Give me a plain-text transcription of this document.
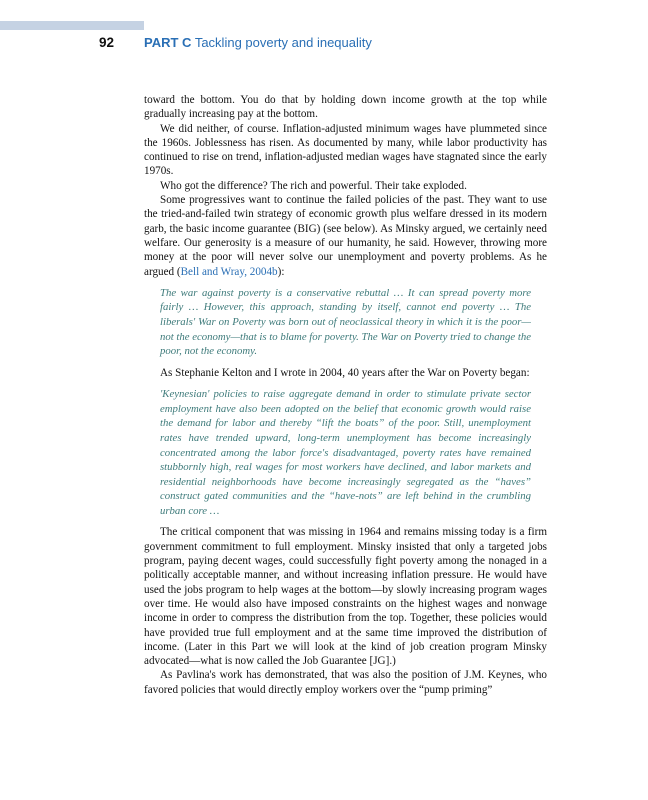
92 PART C Tackling poverty and inequality

toward the bottom. You do that by holding down income growth at the top while gradually increasing pay at the bottom.

We did neither, of course. Inflation-adjusted minimum wages have plummeted since the 1960s. Joblessness has risen. As documented by many, while labor productivity has continued to rise on trend, inflation-adjusted median wages have stagnated since the early 1970s.

Who got the difference? The rich and powerful. Their take exploded.

Some progressives want to continue the failed policies of the past. They want to use the tried-and-failed twin strategy of economic growth plus welfare dressed in its modern garb, the basic income guarantee (BIG) (see below). As Minsky argued, we certainly need welfare. Our generosity is a measure of our humanity, he said. However, throwing more money at the poor will never solve our unemployment and poverty problems. As he argued (Bell and Wray, 2004b):

The war against poverty is a conservative rebuttal … It can spread poverty more fairly … However, this approach, standing by itself, cannot end poverty … The liberals' War on Poverty was born out of neoclassical theory in which it is the poor—not the economy—that is to blame for poverty. The War on Poverty tried to change the poor, not the economy.

As Stephanie Kelton and I wrote in 2004, 40 years after the War on Poverty began:

'Keynesian' policies to raise aggregate demand in order to stimulate private sector employment have also been adopted on the belief that economic growth would raise the demand for labor and thereby “lift the boats” of the poor. Still, unemployment rates have trended upward, long-term unemployment has become increasingly concentrated among the labor force's disadvantaged, poverty rates have remained stubbornly high, real wages for most workers have declined, and labor markets and residential neighborhoods have become increasingly segregated as the “haves” construct gated communities and the “have-nots” are left behind in the crumbling urban core …

The critical component that was missing in 1964 and remains missing today is a firm government commitment to full employment. Minsky insisted that only a targeted jobs program, paying decent wages, could successfully fight poverty among the nonaged in a politically acceptable manner, and without increasing inflation pressure. He would have used the jobs program to help wages at the bottom—by slowly increasing program wages over time. He would also have imposed constraints on the highest wages and nonwage income in order to compress the distribution from the top. Together, these policies would have provided true full employment and at the same time improved the distribution of income. (Later in this Part we will look at the kind of job creation program Minsky advocated—what is now called the Job Guarantee [JG].)

As Pavlina's work has demonstrated, that was also the position of J.M. Keynes, who favored policies that would directly employ workers over the “pump priming”
